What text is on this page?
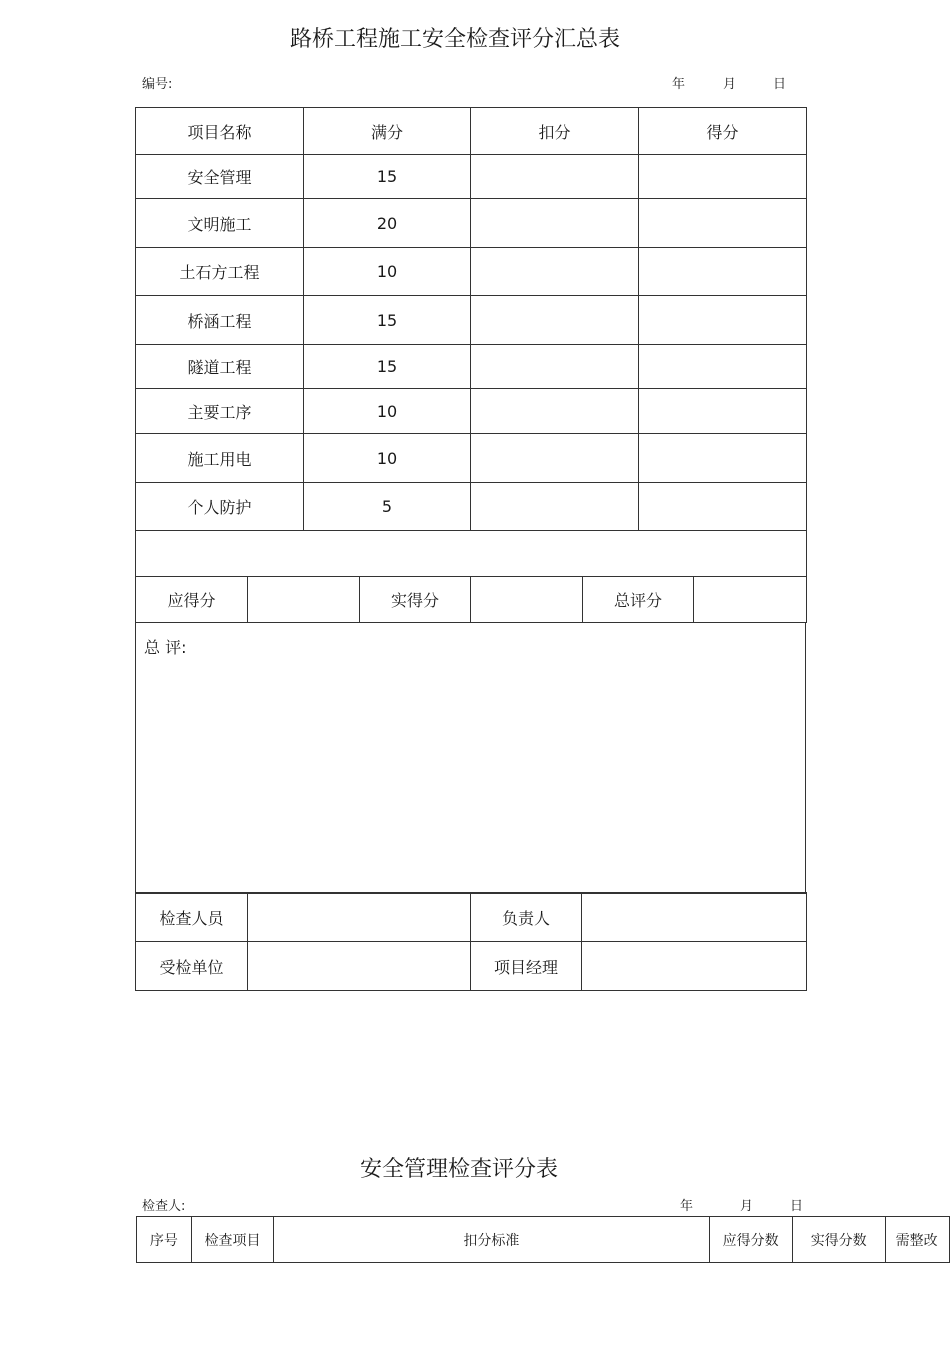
路桥工程施工安全检查评分汇总表
编号:	年	月	日
项目名称	满分	扣分	得分
安全管理	15		
文明施工	20		
土石方工程	10		
桥涵工程	15		
隧道工程	15		
主要工序	10		
施工用电	10		
个人防护	5		

应得分		实得分		总评分	
总 评:
检查人员		负责人	
受检单位		项目经理	
安全管理检查评分表
检查人:	年	月	日
序号	检查项目	扣分标准	应得分数	实得分数	需整改
